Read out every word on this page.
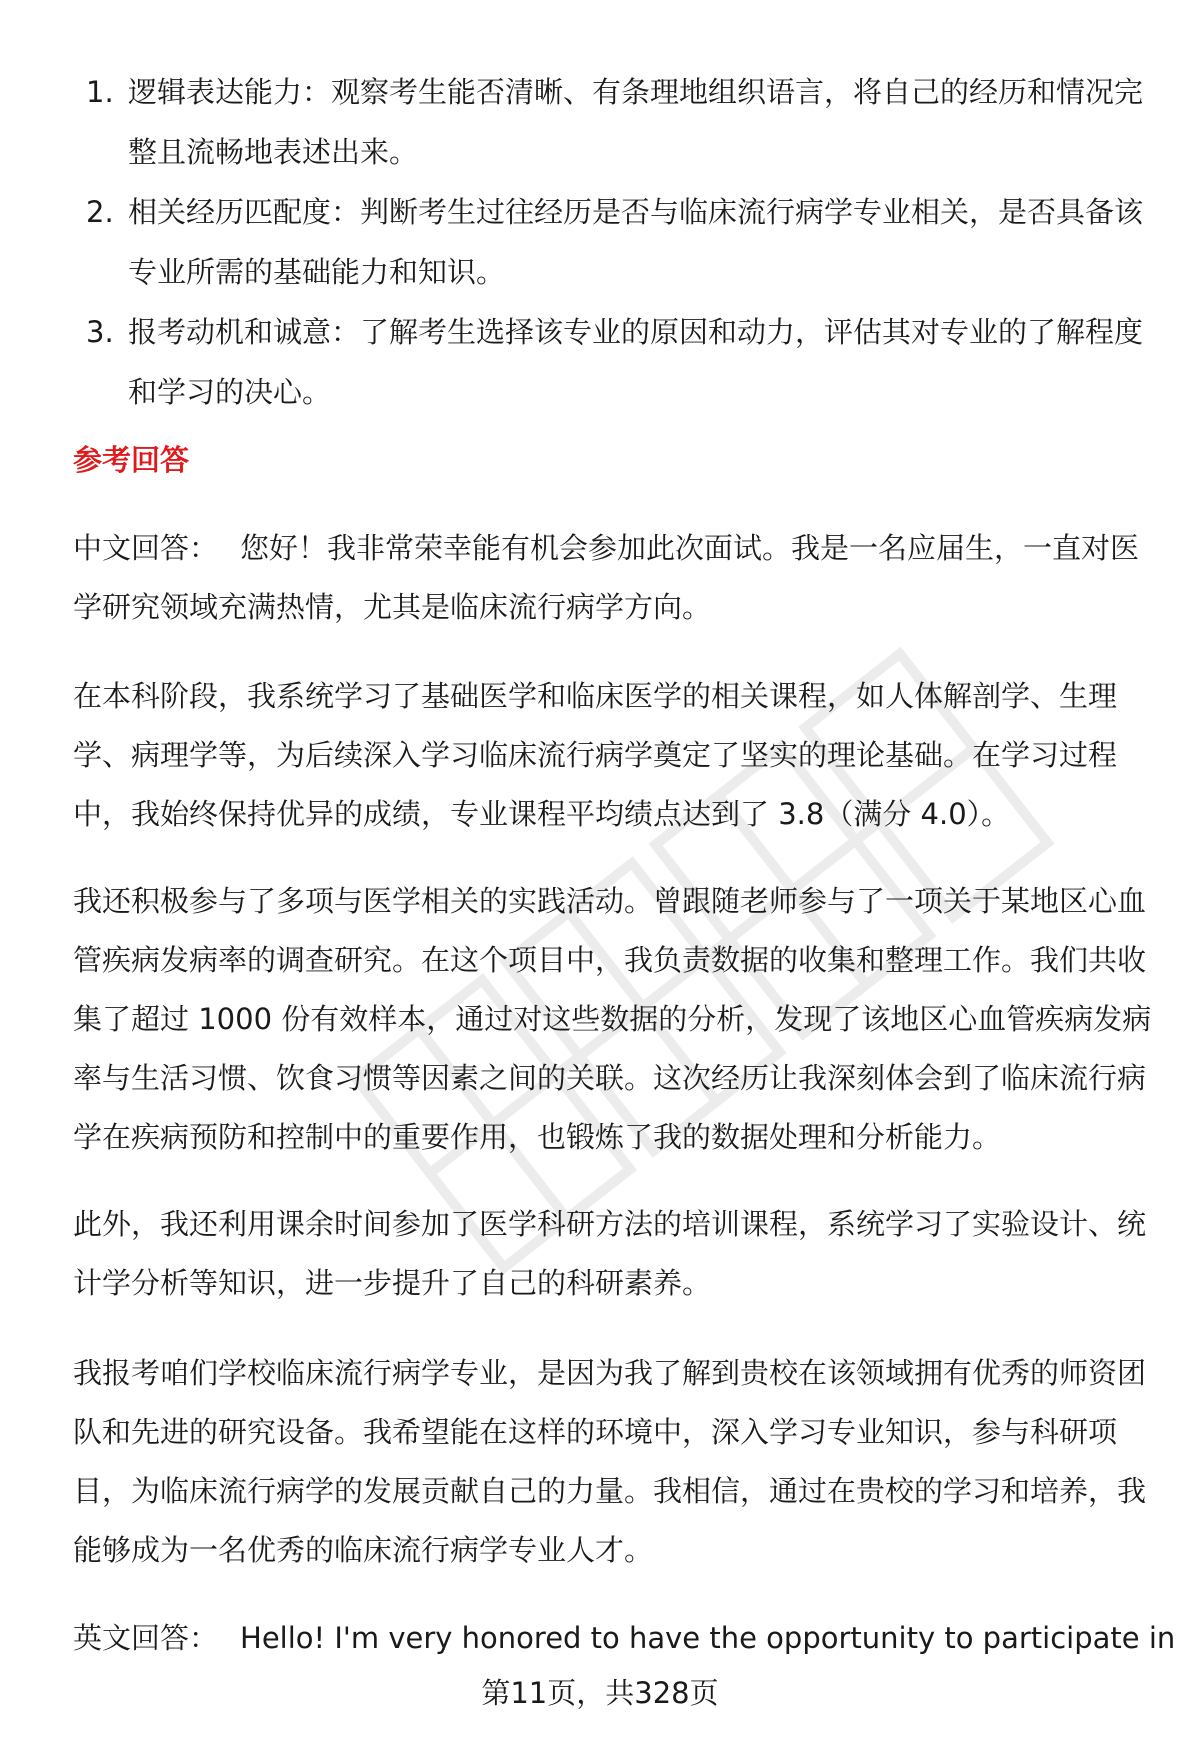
1. 逻辑表达能力：观察考生能否清晰、有条理地组织语言，将自己的经历和情况完整且流畅地表述出来。
2. 相关经历匹配度：判断考生过往经历是否与临床流行病学专业相关，是否具备该专业所需的基础能力和知识。
3. 报考动机和诚意：了解考生选择该专业的原因和动力，评估其对专业的了解程度和学习的决心。
参考回答

中文回答： 您好！我非常荣幸能有机会参加此次面试。我是一名应届生，一直对医学研究领域充满热情，尤其是临床流行病学方向。

在本科阶段，我系统学习了基础医学和临床医学的相关课程，如人体解剖学、生理学、病理学等，为后续深入学习临床流行病学奠定了坚实的理论基础。在学习过程中，我始终保持优异的成绩，专业课程平均绩点达到了 3.8（满分 4.0）。

我还积极参与了多项与医学相关的实践活动。曾跟随老师参与了一项关于某地区心血管疾病发病率的调查研究。在这个项目中，我负责数据的收集和整理工作。我们共收集了超过 1000 份有效样本，通过对这些数据的分析，发现了该地区心血管疾病发病率与生活习惯、饮食习惯等因素之间的关联。这次经历让我深刻体会到了临床流行病学在疾病预防和控制中的重要作用，也锻炼了我的数据处理和分析能力。

此外，我还利用课余时间参加了医学科研方法的培训课程，系统学习了实验设计、统计学分析等知识，进一步提升了自己的科研素养。

我报考咱们学校临床流行病学专业，是因为我了解到贵校在该领域拥有优秀的师资团队和先进的研究设备。我希望能在这样的环境中，深入学习专业知识，参与科研项目，为临床流行病学的发展贡献自己的力量。我相信，通过在贵校的学习和培养，我能够成为一名优秀的临床流行病学专业人才。

英文回答： Hello! I'm very honored to have the opportunity to participate in

第11页，共328页
